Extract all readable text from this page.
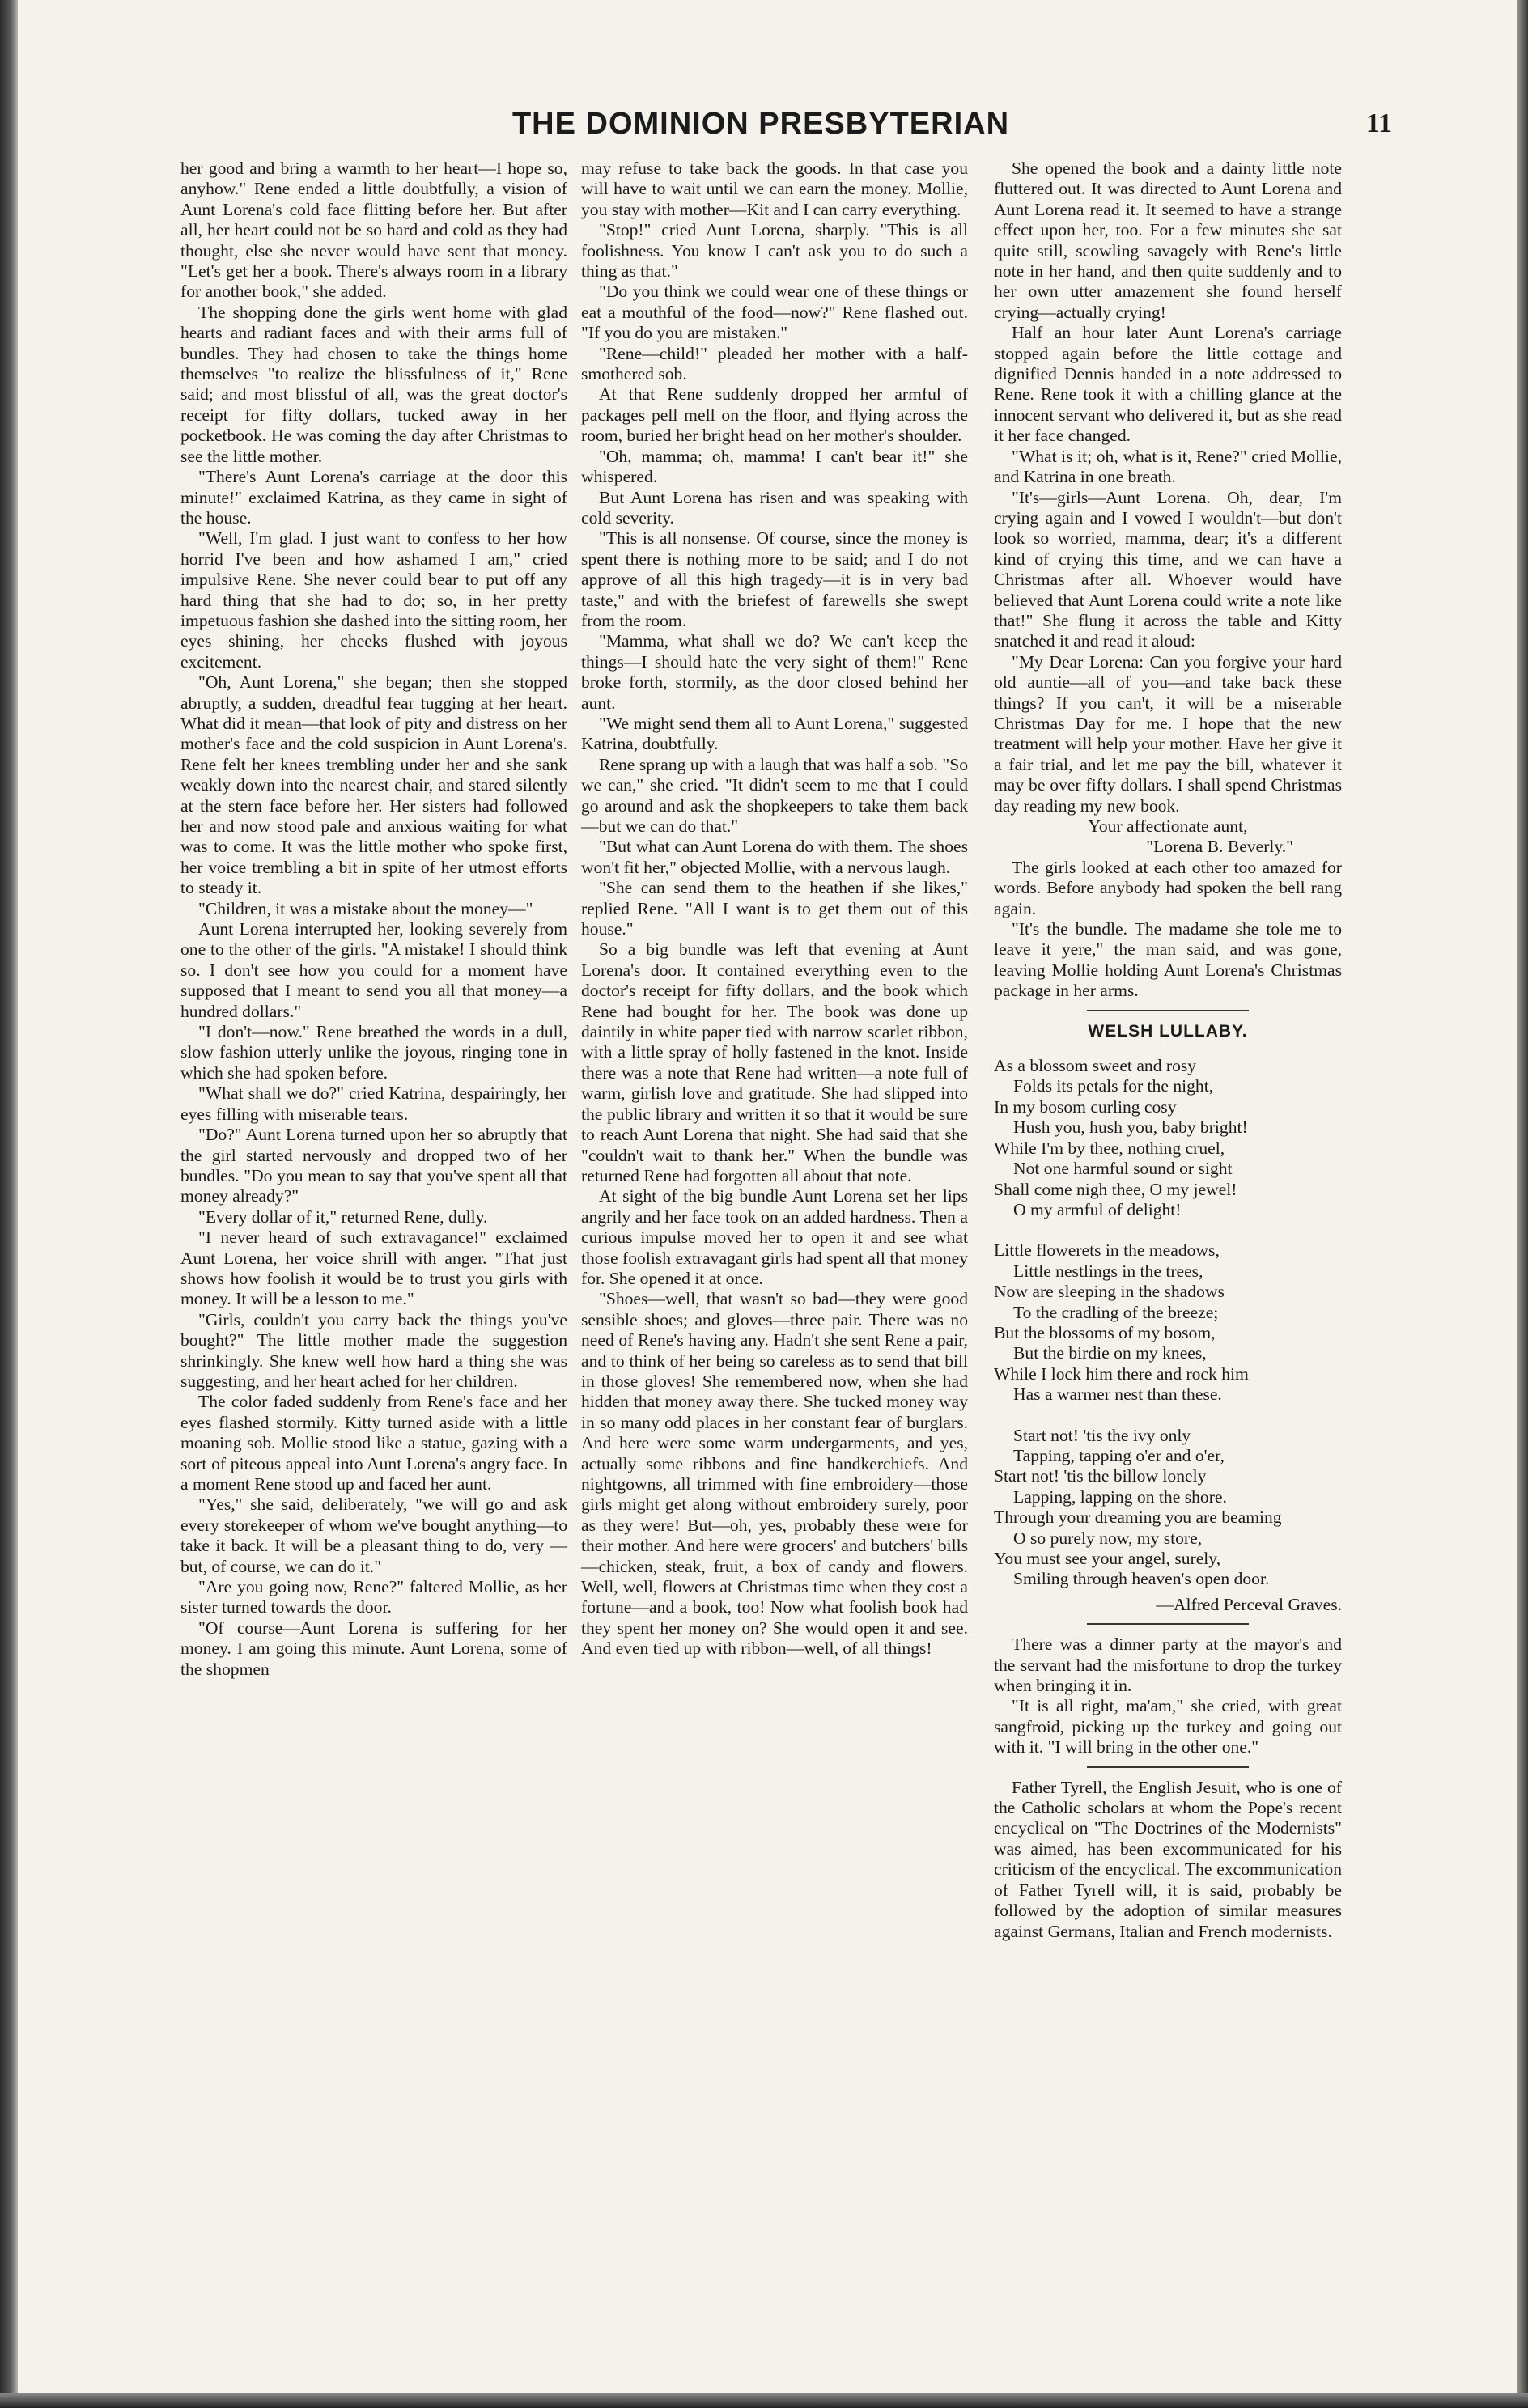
THE DOMINION PRESBYTERIAN	11

her good and bring a warmth to her heart—I hope so, anyhow." Rene ended a little doubtfully, a vision of Aunt Lorena's cold face flitting before her. But after all, her heart could not be so hard and cold as they had thought, else she never would have sent that money. "Let's get her a book. There's always room in a library for another book," she added.

The shopping done the girls went home with glad hearts and radiant faces and with their arms full of bundles. They had chosen to take the things home themselves "to realize the blissfulness of it," Rene said; and most blissful of all, was the great doctor's receipt for fifty dollars, tucked away in her pocketbook. He was coming the day after Christmas to see the little mother.

"There's Aunt Lorena's carriage at the door this minute!" exclaimed Katrina, as they came in sight of the house.

"Well, I'm glad. I just want to confess to her how horrid I've been and how ashamed I am," cried impulsive Rene. She never could bear to put off any hard thing that she had to do; so, in her pretty impetuous fashion she dashed into the sitting room, her eyes shining, her cheeks flushed with joyous excitement.

"Oh, Aunt Lorena," she began; then she stopped abruptly, a sudden, dreadful fear tugging at her heart. What did it mean—that look of pity and distress on her mother's face and the cold suspicion in Aunt Lorena's. Rene felt her knees trembling under her and she sank weakly down into the nearest chair, and stared silently at the stern face before her. Her sisters had followed her and now stood pale and anxious waiting for what was to come. It was the little mother who spoke first, her voice trembling a bit in spite of her utmost efforts to steady it.

"Children, it was a mistake about the money—"

Aunt Lorena interrupted her, looking severely from one to the other of the girls. "A mistake! I should think so. I don't see how you could for a moment have supposed that I meant to send you all that money—a hundred dollars."

"I don't—now." Rene breathed the words in a dull, slow fashion utterly unlike the joyous, ringing tone in which she had spoken before.

"What shall we do?" cried Katrina, despairingly, her eyes filling with miserable tears.

"Do?" Aunt Lorena turned upon her so abruptly that the girl started nervously and dropped two of her bundles. "Do you mean to say that you've spent all that money already?"

"Every dollar of it," returned Rene, dully.

"I never heard of such extravagance!" exclaimed Aunt Lorena, her voice shrill with anger. "That just shows how foolish it would be to trust you girls with money. It will be a lesson to me."

"Girls, couldn't you carry back the things you've bought?" The little mother made the suggestion shrinkingly. She knew well how hard a thing she was suggesting, and her heart ached for her children.

The color faded suddenly from Rene's face and her eyes flashed stormily. Kitty turned aside with a little moaning sob. Mollie stood like a statue, gazing with a sort of piteous appeal into Aunt Lorena's angry face. In a moment Rene stood up and faced her aunt.

"Yes," she said, deliberately, "we will go and ask every storekeeper of whom we've bought anything—to take it back. It will be a pleasant thing to do, very —but, of course, we can do it."

"Are you going now, Rene?" faltered Mollie, as her sister turned towards the door.

"Of course—Aunt Lorena is suffering for her money. I am going this minute. Aunt Lorena, some of the shopmen

may refuse to take back the goods. In that case you will have to wait until we can earn the money. Mollie, you stay with mother—Kit and I can carry everything.

"Stop!" cried Aunt Lorena, sharply. "This is all foolishness. You know I can't ask you to do such a thing as that."

"Do you think we could wear one of these things or eat a mouthful of the food—now?" Rene flashed out. "If you do you are mistaken."

"Rene—child!" pleaded her mother with a half-smothered sob.

At that Rene suddenly dropped her armful of packages pell mell on the floor, and flying across the room, buried her bright head on her mother's shoulder.

"Oh, mamma; oh, mamma! I can't bear it!" she whispered.

But Aunt Lorena has risen and was speaking with cold severity.

"This is all nonsense. Of course, since the money is spent there is nothing more to be said; and I do not approve of all this high tragedy—it is in very bad taste," and with the briefest of farewells she swept from the room.

"Mamma, what shall we do? We can't keep the things—I should hate the very sight of them!" Rene broke forth, stormily, as the door closed behind her aunt.

"We might send them all to Aunt Lorena," suggested Katrina, doubtfully.

Rene sprang up with a laugh that was half a sob. "So we can," she cried. "It didn't seem to me that I could go around and ask the shopkeepers to take them back—but we can do that."

"But what can Aunt Lorena do with them. The shoes won't fit her," objected Mollie, with a nervous laugh.

"She can send them to the heathen if she likes," replied Rene. "All I want is to get them out of this house."

So a big bundle was left that evening at Aunt Lorena's door. It contained everything even to the doctor's receipt for fifty dollars, and the book which Rene had bought for her. The book was done up daintily in white paper tied with narrow scarlet ribbon, with a little spray of holly fastened in the knot. Inside there was a note that Rene had written—a note full of warm, girlish love and gratitude. She had slipped into the public library and written it so that it would be sure to reach Aunt Lorena that night. She had said that she "couldn't wait to thank her." When the bundle was returned Rene had forgotten all about that note.

At sight of the big bundle Aunt Lorena set her lips angrily and her face took on an added hardness. Then a curious impulse moved her to open it and see what those foolish extravagant girls had spent all that money for. She opened it at once.

"Shoes—well, that wasn't so bad—they were good sensible shoes; and gloves—three pair. There was no need of Rene's having any. Hadn't she sent Rene a pair, and to think of her being so careless as to send that bill in those gloves! She remembered now, when she had hidden that money away there. She tucked money way in so many odd places in her constant fear of burglars. And here were some warm undergarments, and yes, actually some ribbons and fine handkerchiefs. And nightgowns, all trimmed with fine embroidery—those girls might get along without embroidery surely, poor as they were! But—oh, yes, probably these were for their mother. And here were grocers' and butchers' bills—chicken, steak, fruit, a box of candy and flowers. Well, well, flowers at Christmas time when they cost a fortune—and a book, too! Now what foolish book had they spent her money on? She would open it and see. And even tied up with ribbon—well, of all things!

She opened the book and a dainty little note fluttered out. It was directed to Aunt Lorena and Aunt Lorena read it. It seemed to have a strange effect upon her, too. For a few minutes she sat quite still, scowling savagely with Rene's little note in her hand, and then quite suddenly and to her own utter amazement she found herself crying—actually crying!

Half an hour later Aunt Lorena's carriage stopped again before the little cottage and dignified Dennis handed in a note addressed to Rene. Rene took it with a chilling glance at the innocent servant who delivered it, but as she read it her face changed.

"What is it; oh, what is it, Rene?" cried Mollie, and Katrina in one breath.

"It's—girls—Aunt Lorena. Oh, dear, I'm crying again and I vowed I wouldn't—but don't look so worried, mamma, dear; it's a different kind of crying this time, and we can have a Christmas after all. Whoever would have believed that Aunt Lorena could write a note like that!" She flung it across the table and Kitty snatched it and read it aloud:

"My Dear Lorena: Can you forgive your hard old auntie—all of you—and take back these things? If you can't, it will be a miserable Christmas Day for me. I hope that the new treatment will help your mother. Have her give it a fair trial, and let me pay the bill, whatever it may be over fifty dollars. I shall spend Christmas day reading my new book.

Your affectionate aunt,

"Lorena B. Beverly."

The girls looked at each other too amazed for words. Before anybody had spoken the bell rang again.

"It's the bundle. The madame she tole me to leave it yere," the man said, and was gone, leaving Mollie holding Aunt Lorena's Christmas package in her arms.

WELSH LULLABY.
As a blossom sweet and rosy
Folds its petals for the night,
In my bosom curling cosy
Hush you, hush you, baby bright!
While I'm by thee, nothing cruel,
Not one harmful sound or sight
Shall come nigh thee, O my jewel!
O my armful of delight!
Little flowerets in the meadows,
Little nestlings in the trees,
Now are sleeping in the shadows
To the cradling of the breeze;
But the blossoms of my bosom,
But the birdie on my knees,
While I lock him there and rock him
Has a warmer nest than these.
Start not! 'tis the ivy only
Tapping, tapping o'er and o'er,
Start not! 'tis the billow lonely
Lapping, lapping on the shore.
Through your dreaming you are beaming
O so purely now, my store,
You must see your angel, surely,
Smiling through heaven's open door.
—Alfred Perceval Graves.

There was a dinner party at the mayor's and the servant had the misfortune to drop the turkey when bringing it in.

"It is all right, ma'am," she cried, with great sangfroid, picking up the turkey and going out with it. "I will bring in the other one."

Father Tyrell, the English Jesuit, who is one of the Catholic scholars at whom the Pope's recent encyclical on "The Doctrines of the Modernists" was aimed, has been excommunicated for his criticism of the encyclical. The excommunication of Father Tyrell will, it is said, probably be followed by the adoption of similar measures against Germans, Italian and French modernists.
